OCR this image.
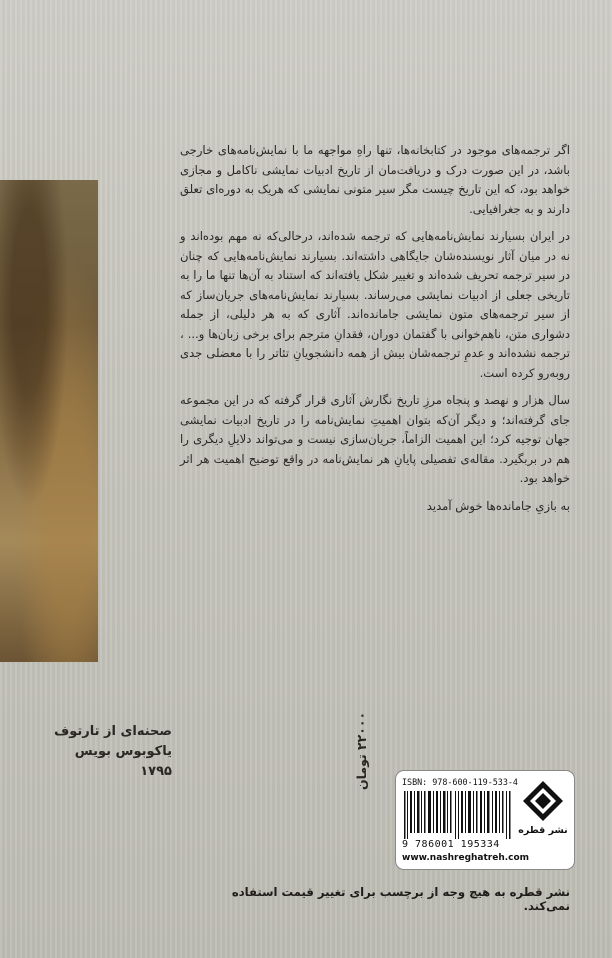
اگر ترجمه‌های موجود در کتابخانه‌ها، تنها راهِ مواجهه ما با نمایش‌نامه‌های خارجی باشد، در این صورت درک و دریافت‌مان از تاریخ ادبیات نمایشی ناکامل و مجازی خواهد بود، که این تاریخ چیست مگر سیر متونی نمایشی که هریک به دوره‌ای تعلق دارند و به جغرافیایی.

در ایران بسیارند نمایش‌نامه‌هایی که ترجمه شده‌اند، درحالی‌که نه مهم بوده‌اند و نه در میان آثار نویسنده‌شان جایگاهی داشته‌اند. بسیارند نمایش‌نامه‌هایی که چنان در سیر ترجمه تحریف شده‌اند و تغییر شکل یافته‌اند که استناد به آن‌ها تنها ما را به تاریخی جعلی از ادبیات نمایشی می‌رساند. بسیارند نمایش‌نامه‌های جریان‌ساز که از سیر ترجمه‌های متون نمایشی جامانده‌اند. آثاری که به هر دلیلی، از جمله دشواری متن، ناهم‌خوانی با گفتمان دوران، فقدانِ مترجم برای برخی زبان‌ها و... ، ترجمه نشده‌اند و عدمِ ترجمه‌شان بیش از همه دانشجویانِ تئاتر را با معضلی جدی روبه‌رو کرده است.

سال هزار و نهصد و پنجاه مرزِ تاریخ نگارش آثاری قرار گرفته که در این مجموعه جای گرفته‌اند؛ و دیگر آن‌که بتوان اهمیتِ نمایش‌نامه را در تاریخ ادبیات نمایشی جهان توجیه کرد؛ این اهمیت الزاماً، جریان‌سازی نیست و می‌تواند دلایلِ دیگری را هم در بربگیرد. مقاله‌ی تفصیلی پایانِ هر نمایش‌نامه در واقع توضیح اهمیت هر اثر خواهد بود.

به بازیِ جامانده‌ها خوش آمدید

صحنه‌ای از تارتوف
یاکوبوس بویس
۱۷۹۵	۲۲۰۰۰ تومان
ISBN: 978-600-119-533-4
9 786001 195334
www.nashreghatreh.com
نشر قطره
نشر قطره به هیچ وجه از برچسب برای تغییر قیمت استفاده نمی‌کند.
